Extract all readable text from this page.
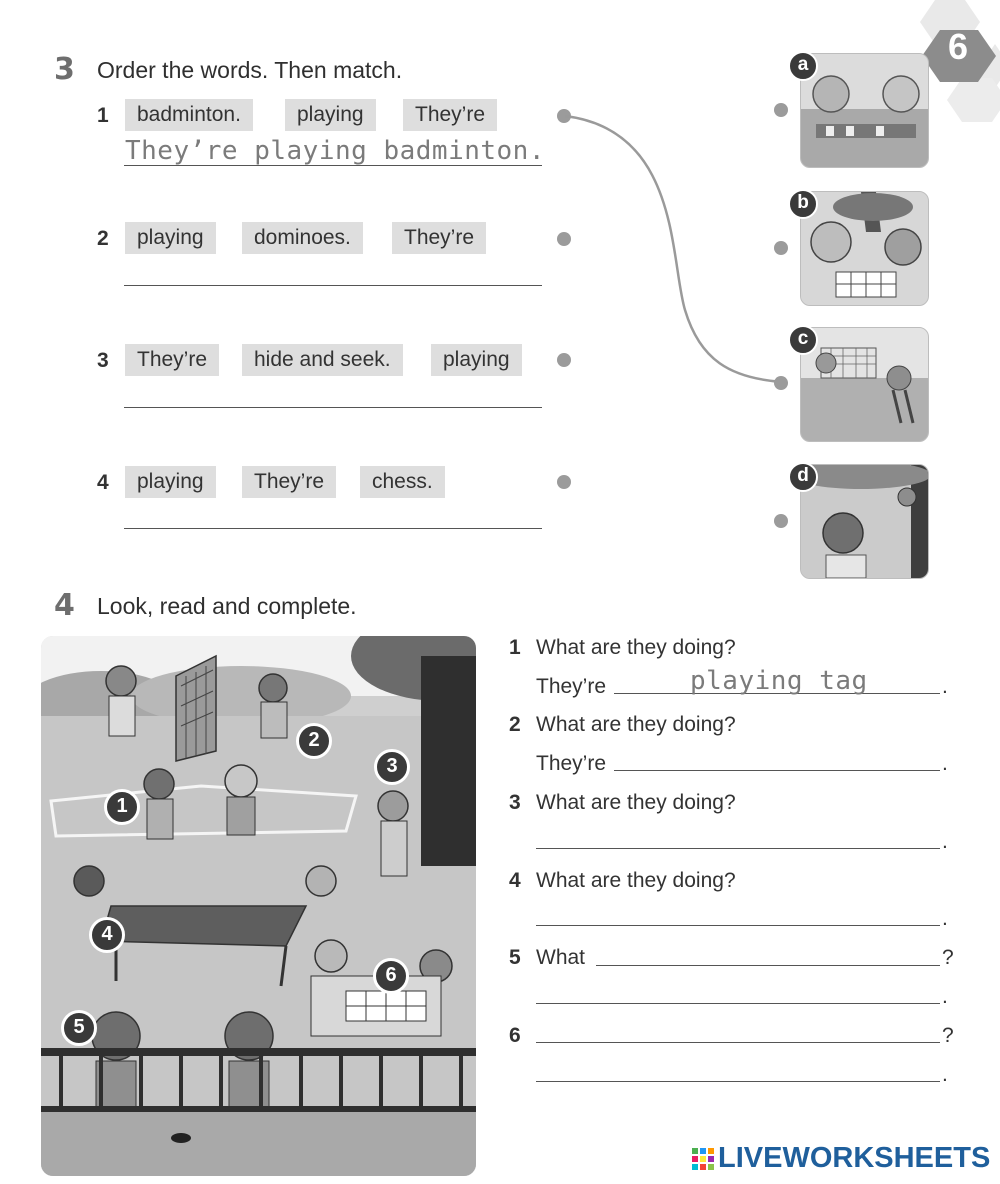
6
3 Order the words. Then match.
1	badminton.	playing	They’re
They’re playing badminton.
2	playing	dominoes.	They’re
3	They’re	hide and seek.	playing
4	playing	They’re	chess.
a
b
c
d
4 Look, read and complete.
1
2
3
4
6
5
1 What are they doing?
They’re	playing tag	.
2 What are they doing?
They’re	.
3 What are they doing?
.
4 What are they doing?
.
5 What	?
.
6	?
.
LIVEWORKSHEETS
